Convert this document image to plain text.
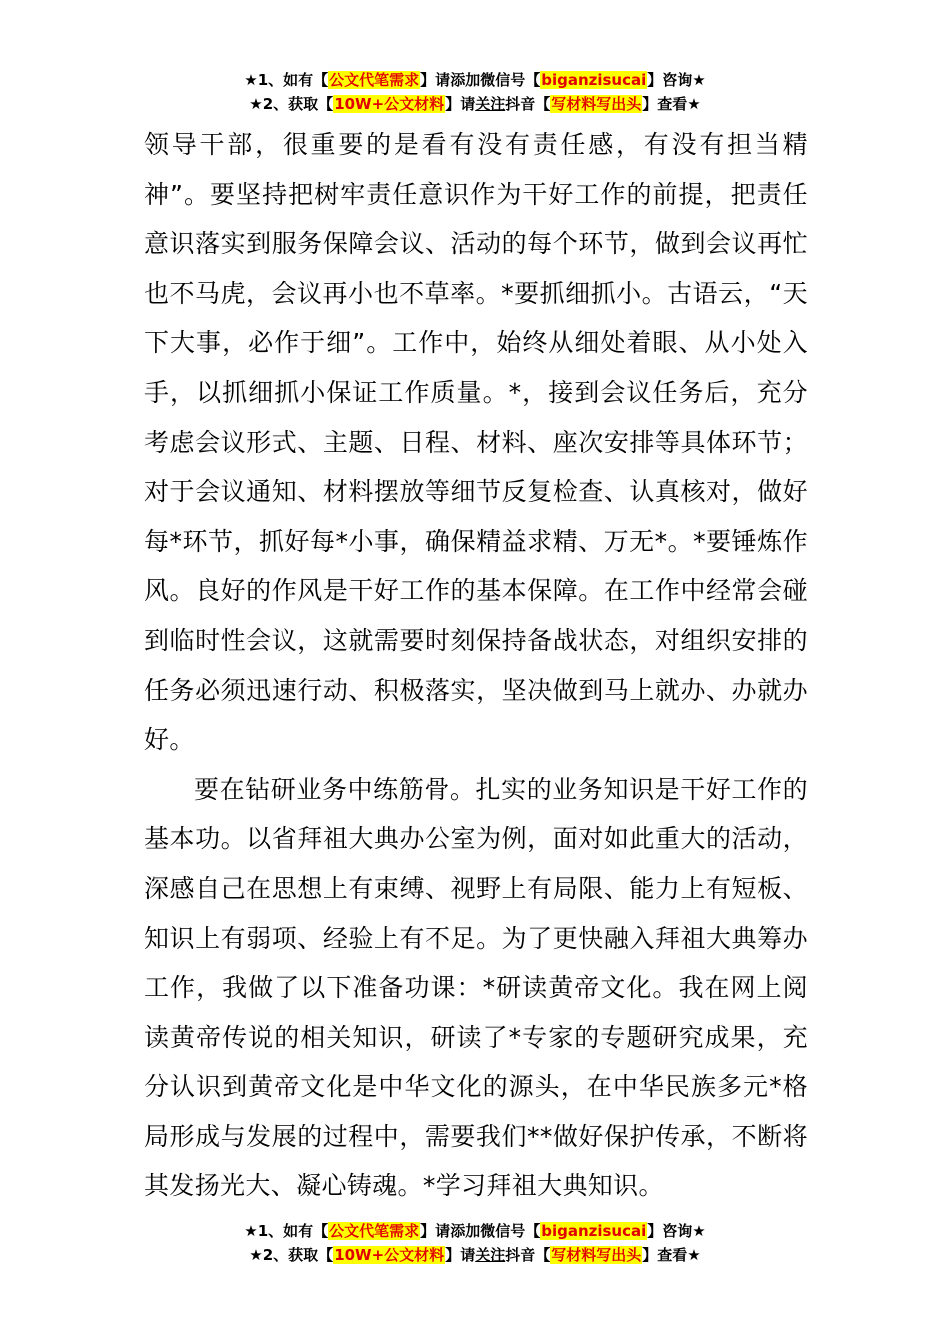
★1、如有【公文代笔需求】请添加微信号【biganzisucai】咨询★
★2、获取【10W+公文材料】请关注抖音【写材料写出头】查看★

领导干部，很重要的是看有没有责任感，有没有担当精神”。要坚持把树牢责任意识作为干好工作的前提，把责任意识落实到服务保障会议、活动的每个环节，做到会议再忙也不马虎，会议再小也不草率。*要抓细抓小。古语云，“天下大事，必作于细”。工作中，始终从细处着眼、从小处入手，以抓细抓小保证工作质量。*，接到会议任务后，充分考虑会议形式、主题、日程、材料、座次安排等具体环节；对于会议通知、材料摆放等细节反复检查、认真核对，做好每*环节，抓好每*小事，确保精益求精、万无*。*要锤炼作风。良好的作风是干好工作的基本保障。在工作中经常会碰到临时性会议，这就需要时刻保持备战状态，对组织安排的任务必须迅速行动、积极落实，坚决做到马上就办、办就办好。

要在钻研业务中练筋骨。扎实的业务知识是干好工作的基本功。以省拜祖大典办公室为例，面对如此重大的活动，深感自己在思想上有束缚、视野上有局限、能力上有短板、知识上有弱项、经验上有不足。为了更快融入拜祖大典筹办工作，我做了以下准备功课：*研读黄帝文化。我在网上阅读黄帝传说的相关知识，研读了*专家的专题研究成果，充分认识到黄帝文化是中华文化的源头，在中华民族多元*格局形成与发展的过程中，需要我们**做好保护传承，不断将其发扬光大、凝心铸魂。*学习拜祖大典知识。

★1、如有【公文代笔需求】请添加微信号【biganzisucai】咨询★
★2、获取【10W+公文材料】请关注抖音【写材料写出头】查看★
